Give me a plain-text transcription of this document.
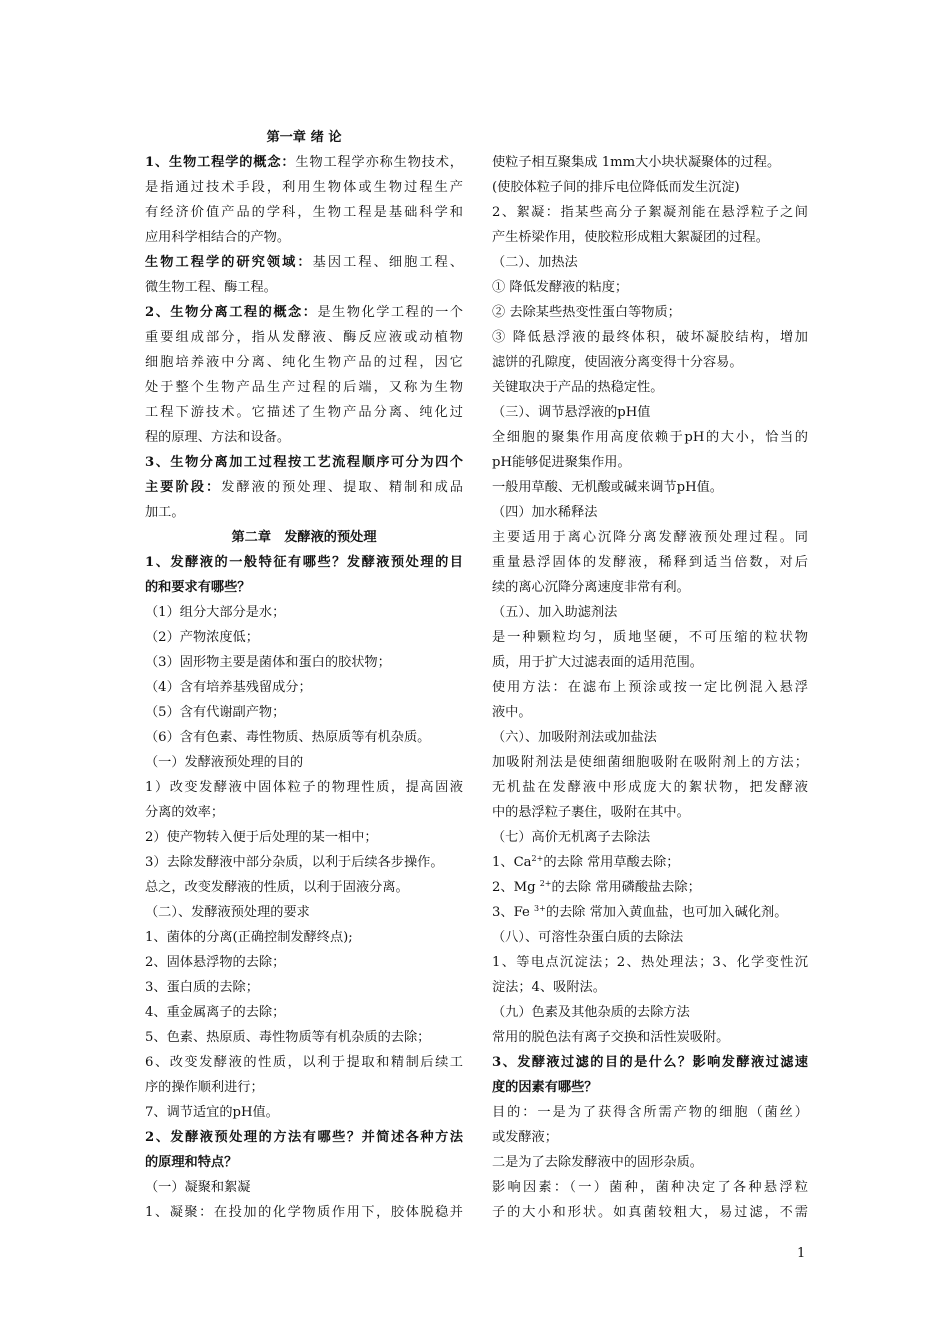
第一章 绪 论
1、生物工程学的概念：生物工程学亦称生物技术，
是指通过技术手段，利用生物体或生物过程生产
有经济价值产品的学科，生物工程是基础科学和
应用科学相结合的产物。
生物工程学的研究领域：基因工程、细胞工程、
微生物工程、酶工程。
2、生物分离工程的概念：是生物化学工程的一个
重要组成部分，指从发酵液、酶反应液或动植物
细胞培养液中分离、纯化生物产品的过程，因它
处于整个生物产品生产过程的后端，又称为生物
工程下游技术。它描述了生物产品分离、纯化过
程的原理、方法和设备。
3、生物分离加工过程按工艺流程顺序可分为四个
主要阶段：发酵液的预处理、提取、精制和成品
加工。
第二章　发酵液的预处理
1、发酵液的一般特征有哪些？发酵液预处理的目
的和要求有哪些？
（1）组分大部分是水；
（2）产物浓度低；
（3）固形物主要是菌体和蛋白的胶状物；
（4）含有培养基残留成分；
（5）含有代谢副产物；
（6）含有色素、毒性物质、热原质等有机杂质。
（一）发酵液预处理的目的
1）改变发酵液中固体粒子的物理性质，提高固液
分离的效率；
2）使产物转入便于后处理的某一相中；
3）去除发酵液中部分杂质，以利于后续各步操作。
总之，改变发酵液的性质，以利于固液分离。
（二）、发酵液预处理的要求
1、菌体的分离(正确控制发酵终点);
2、固体悬浮物的去除；
3、蛋白质的去除；
4、重金属离子的去除；
5、色素、热原质、毒性物质等有机杂质的去除；
6、改变发酵液的性质，以利于提取和精制后续工
序的操作顺利进行；
7、调节适宜的pH值。
2、发酵液预处理的方法有哪些？并简述各种方法
的原理和特点？
（一）凝聚和絮凝
1、凝聚：在投加的化学物质作用下，胶体脱稳并
使粒子相互聚集成 1mm大小块状凝聚体的过程。
(使胶体粒子间的排斥电位降低而发生沉淀)
2、絮凝：指某些高分子絮凝剂能在悬浮粒子之间
产生桥梁作用，使胶粒形成粗大絮凝团的过程。
（二）、加热法
① 降低发酵液的粘度；
② 去除某些热变性蛋白等物质；
③ 降低悬浮液的最终体积，破坏凝胶结构，增加
滤饼的孔隙度，使固液分离变得十分容易。
关键取决于产品的热稳定性。
（三）、调节悬浮液的pH值
全细胞的聚集作用高度依赖于pH的大小，恰当的
pH能够促进聚集作用。
一般用草酸、无机酸或碱来调节pH值。
（四）加水稀释法
主要适用于离心沉降分离发酵液预处理过程。同
重量悬浮固体的发酵液，稀释到适当倍数，对后
续的离心沉降分离速度非常有利。
（五）、加入助滤剂法
是一种颗粒均匀，质地坚硬，不可压缩的粒状物
质，用于扩大过滤表面的适用范围。
使用方法：在滤布上预涂或按一定比例混入悬浮
液中。
（六）、加吸附剂法或加盐法
加吸附剂法是使细菌细胞吸附在吸附剂上的方法；
无机盐在发酵液中形成庞大的絮状物，把发酵液
中的悬浮粒子裹住，吸附在其中。
（七）高价无机离子去除法
1、$Ca^{2+}$的去除 常用草酸去除；
2、Mg $^{2+}$的去除 常用磷酸盐去除；
3、Fe $^{3+}$的去除 常加入黄血盐，也可加入碱化剂。
（八）、可溶性杂蛋白质的去除法
1、等电点沉淀法；2、热处理法；3、化学变性沉
淀法；4、吸附法。
（九）色素及其他杂质的去除方法
常用的脱色法有离子交换和活性炭吸附。
3、发酵液过滤的目的是什么？影响发酵液过滤速
度的因素有哪些？
目的：一是为了获得含所需产物的细胞（菌丝）
或发酵液；
二是为了去除发酵液中的固形杂质。
影响因素：（一）菌种，菌种决定了各种悬浮粒
子的大小和形状。如真菌较粗大，易过滤，不需
1
